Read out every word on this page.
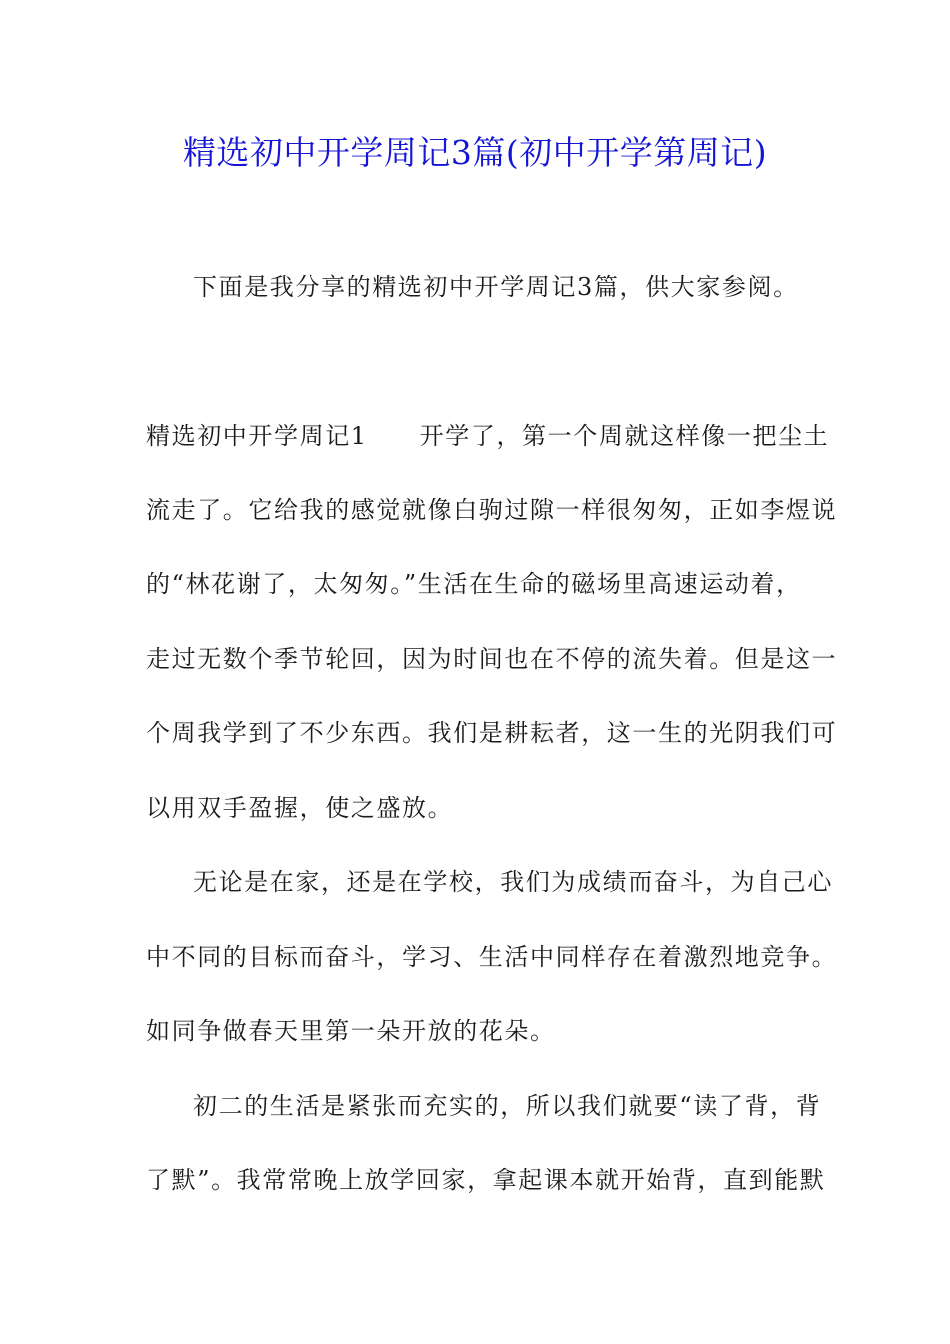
精选初中开学周记3篇(初中开学第周记)
下面是我分享的精选初中开学周记3篇，供大家参阅。
精选初中开学周记1 开学了，第一个周就这样像一把尘土
流走了。它给我的感觉就像白驹过隙一样很匆匆，正如李煜说
的“林花谢了，太匆匆。”生活在生命的磁场里高速运动着，
走过无数个季节轮回，因为时间也在不停的流失着。但是这一
个周我学到了不少东西。我们是耕耘者，这一生的光阴我们可
以用双手盈握，使之盛放。
无论是在家，还是在学校，我们为成绩而奋斗，为自己心
中不同的目标而奋斗，学习、生活中同样存在着激烈地竞争。
如同争做春天里第一朵开放的花朵。
初二的生活是紧张而充实的，所以我们就要“读了背，背
了默”。我常常晚上放学回家，拿起课本就开始背，直到能默
